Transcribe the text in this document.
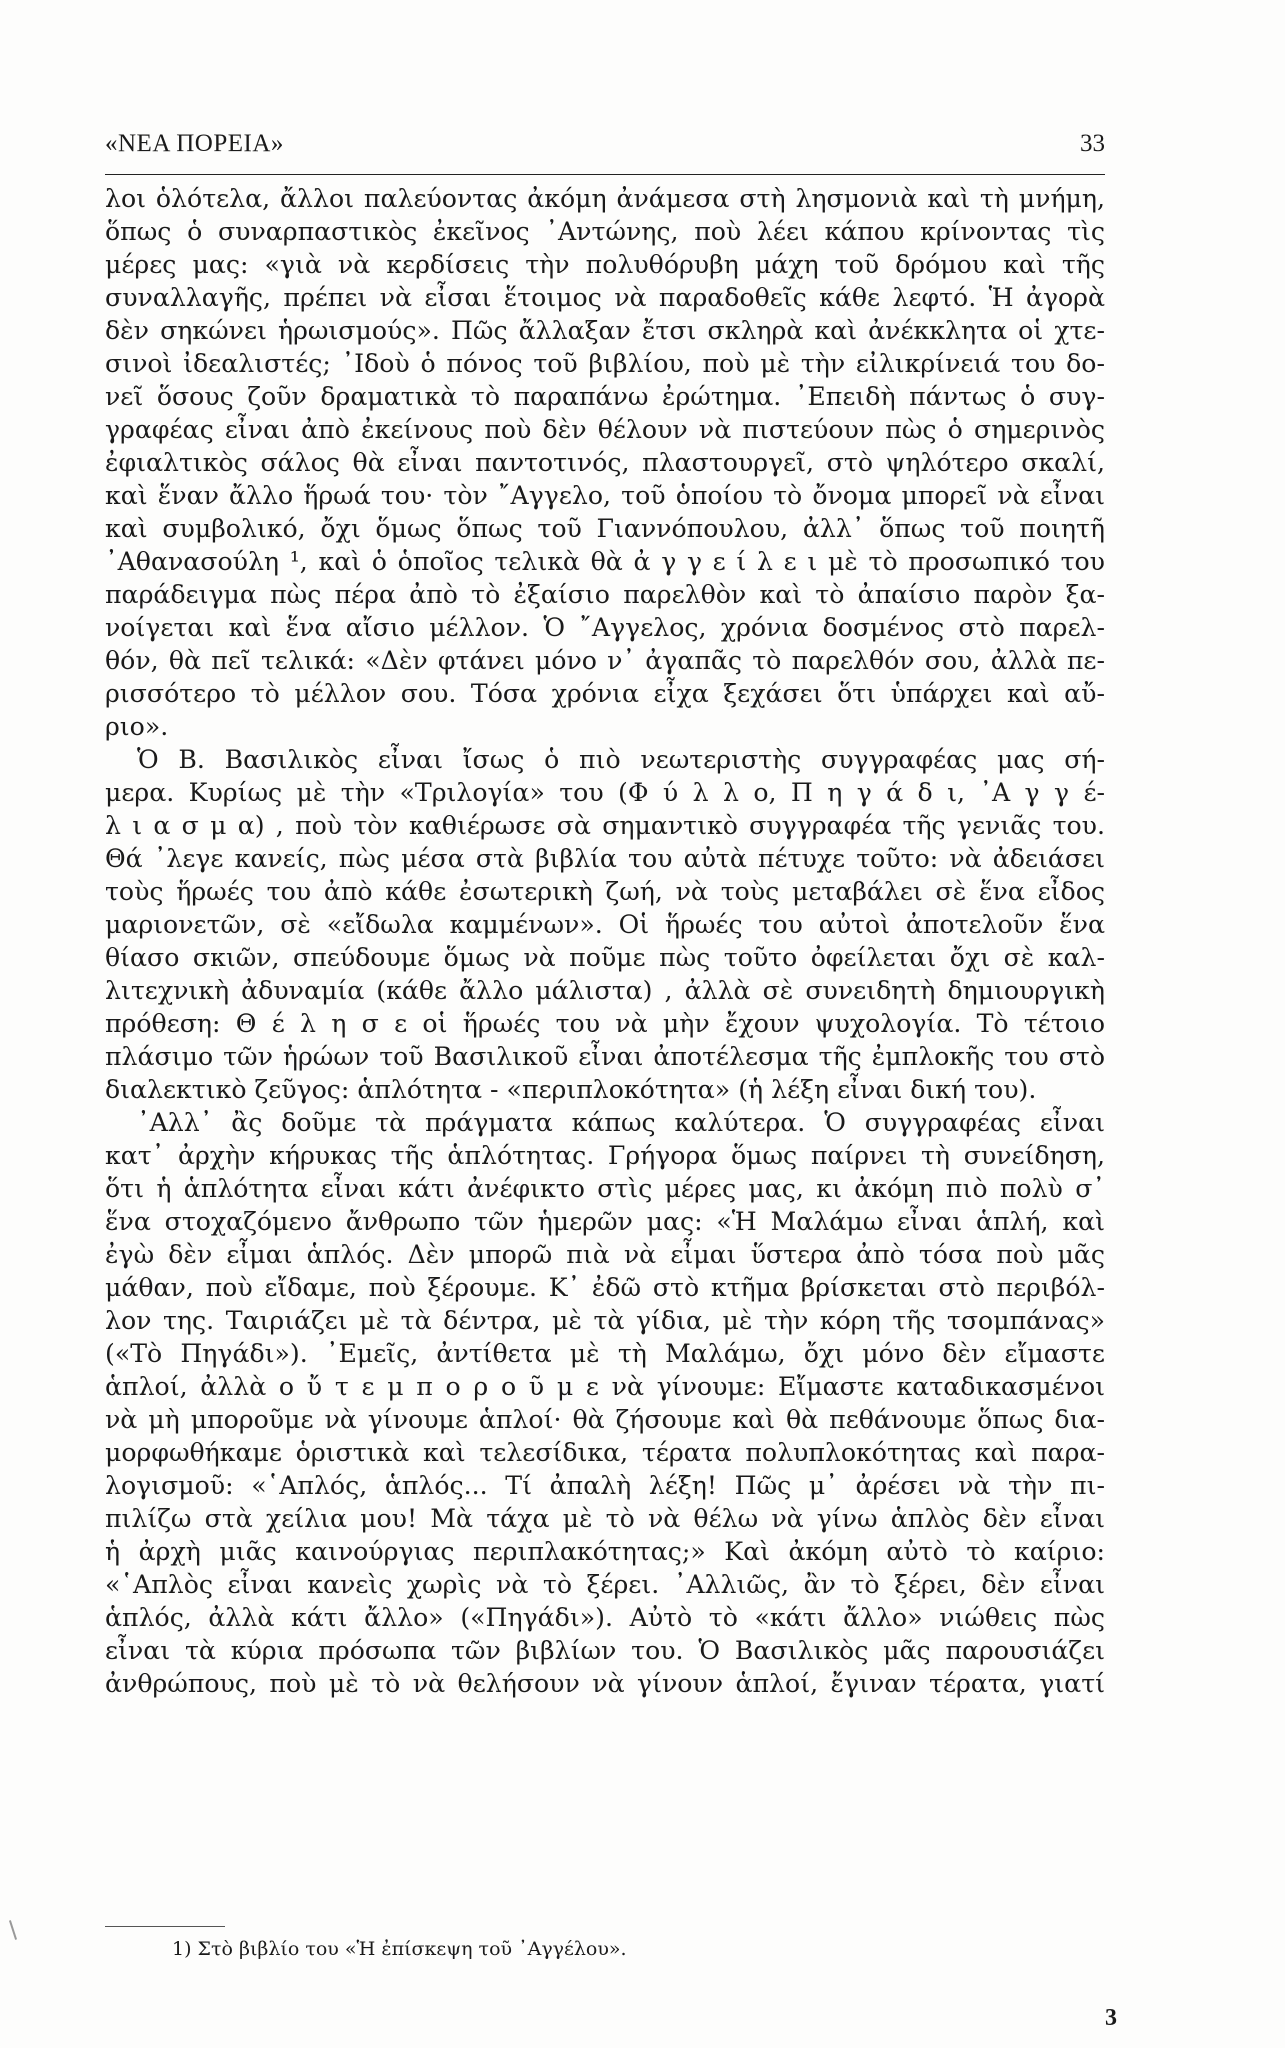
«ΝΕΑ ΠΟΡΕΙΑ»	33
λοι ὁλότελα, ἄλλοι παλεύοντας ἀκόμη ἀνάμεσα στὴ λησμονιὰ καὶ τὴ μνήμη,
ὅπως ὁ συναρπαστικὸς ἐκεῖνος ᾿Αντώνης, ποὺ λέει κάπου κρίνοντας τὶς
μέρες μας: «γιὰ νὰ κερδίσεις τὴν πολυθόρυβη μάχη τοῦ δρόμου καὶ τῆς
συναλλαγῆς, πρέπει νὰ εἶσαι ἕτοιμος νὰ παραδοθεῖς κάθε λεφτό. Ἡ ἀγορὰ
δὲν σηκώνει ἡρωισμούς». Πῶς ἄλλαξαν ἔτσι σκληρὰ καὶ ἀνέκκλητα οἱ χτε-
σινοὶ ἰδεαλιστές; ᾿Ιδοὺ ὁ πόνος τοῦ βιβλίου, ποὺ μὲ τὴν εἰλικρίνειά του δο-
νεῖ ὅσους ζοῦν δραματικὰ τὸ παραπάνω ἐρώτημα. ᾿Επειδὴ πάντως ὁ συγ-
γραφέας εἶναι ἀπὸ ἐκείνους ποὺ δὲν θέλουν νὰ πιστεύουν πὼς ὁ σημερινὸς
ἐφιαλτικὸς σάλος θὰ εἶναι παντοτινός, πλαστουργεῖ, στὸ ψηλότερο σκαλί,
καὶ ἕναν ἄλλο ἥρωά του· τὸν ῎Αγγελο, τοῦ ὁποίου τὸ ὄνομα μπορεῖ νὰ εἶναι
καὶ συμβολικό, ὄχι ὅμως ὅπως τοῦ Γιαννόπουλου, ἀλλ᾿ ὅπως τοῦ ποιητῆ
᾿Αθανασούλη ¹, καὶ ὁ ὁποῖος τελικὰ θὰ ἀ γ γ ε ί λ ε ι μὲ τὸ προσωπικό του
παράδειγμα πὼς πέρα ἀπὸ τὸ ἐξαίσιο παρελθὸν καὶ τὸ ἀπαίσιο παρὸν ξα-
νοίγεται καὶ ἕνα αἴσιο μέλλον. Ὁ ῎Αγγελος, χρόνια δοσμένος στὸ παρελ-
θόν, θὰ πεῖ τελικά: «Δὲν φτάνει μόνο ν᾿ ἀγαπᾶς τὸ παρελθόν σου, ἀλλὰ πε-
ρισσότερο τὸ μέλλον σου. Τόσα χρόνια εἶχα ξεχάσει ὅτι ὑπάρχει καὶ αὔ-
ριο».
Ὁ Β. Βασιλικὸς εἶναι ἴσως ὁ πιὸ νεωτεριστὴς συγγραφέας μας σή-
μερα. Κυρίως μὲ τὴν «Τριλογία» του (Φ ύ λ λ ο, Π η γ ά δ ι, ᾿Α γ γ έ-
λ ι α σ μ α) , ποὺ τὸν καθιέρωσε σὰ σημαντικὸ συγγραφέα τῆς γενιᾶς του.
Θά ᾿λεγε κανείς, πὼς μέσα στὰ βιβλία του αὐτὰ πέτυχε τοῦτο: νὰ ἀδειάσει
τοὺς ἥρωές του ἀπὸ κάθε ἐσωτερικὴ ζωή, νὰ τοὺς μεταβάλει σὲ ἕνα εἶδος
μαριονετῶν, σὲ «εἴδωλα καμμένων». Οἱ ἥρωές του αὐτοὶ ἀποτελοῦν ἕνα
θίασο σκιῶν, σπεύδουμε ὅμως νὰ ποῦμε πὼς τοῦτο ὀφείλεται ὄχι σὲ καλ-
λιτεχνικὴ ἀδυναμία (κάθε ἄλλο μάλιστα) , ἀλλὰ σὲ συνειδητὴ δημιουργικὴ
πρόθεση: Θ έ λ η σ ε οἱ ἥρωές του νὰ μὴν ἔχουν ψυχολογία. Τὸ τέτοιο
πλάσιμο τῶν ἡρώων τοῦ Βασιλικοῦ εἶναι ἀποτέλεσμα τῆς ἐμπλοκῆς του στὸ
διαλεκτικὸ ζεῦγος: ἁπλότητα - «περιπλοκότητα» (ἡ λέξη εἶναι δική του).
᾿Αλλ᾿ ἂς δοῦμε τὰ πράγματα κάπως καλύτερα. Ὁ συγγραφέας εἶναι
κατ᾿ ἀρχὴν κήρυκας τῆς ἁπλότητας. Γρήγορα ὅμως παίρνει τὴ συνείδηση,
ὅτι ἡ ἁπλότητα εἶναι κάτι ἀνέφικτο στὶς μέρες μας, κι ἀκόμη πιὸ πολὺ σ᾿
ἕνα στοχαζόμενο ἄνθρωπο τῶν ἡμερῶν μας: «Ἡ Μαλάμω εἶναι ἁπλή, καὶ
ἐγὼ δὲν εἶμαι ἁπλός. Δὲν μπορῶ πιὰ νὰ εἶμαι ὕστερα ἀπὸ τόσα ποὺ μᾶς
μάθαν, ποὺ εἴδαμε, ποὺ ξέρουμε. Κ᾿ ἐδῶ στὸ κτῆμα βρίσκεται στὸ περιβόλ-
λον της. Ταιριάζει μὲ τὰ δέντρα, μὲ τὰ γίδια, μὲ τὴν κόρη τῆς τσομπάνας»
(«Τὸ Πηγάδι»). ᾿Εμεῖς, ἀντίθετα μὲ τὴ Μαλάμω, ὄχι μόνο δὲν εἴμαστε
ἁπλοί, ἀλλὰ ο ὔ τ ε μ π ο ρ ο ῦ μ ε νὰ γίνουμε: Εἴμαστε καταδικασμένοι
νὰ μὴ μποροῦμε νὰ γίνουμε ἁπλοί· θὰ ζήσουμε καὶ θὰ πεθάνουμε ὅπως δια-
μορφωθήκαμε ὁριστικὰ καὶ τελεσίδικα, τέρατα πολυπλοκότητας καὶ παρα-
λογισμοῦ: «῾Απλός, ἁπλός... Τί ἀπαλὴ λέξη! Πῶς μ᾿ ἀρέσει νὰ τὴν πι-
πιλίζω στὰ χείλια μου! Μὰ τάχα μὲ τὸ νὰ θέλω νὰ γίνω ἁπλὸς δὲν εἶναι
ἡ ἀρχὴ μιᾶς καινούργιας περιπλακότητας;» Καὶ ἀκόμη αὐτὸ τὸ καίριο:
«῾Απλὸς εἶναι κανεὶς χωρὶς νὰ τὸ ξέρει. ᾿Αλλιῶς, ἂν τὸ ξέρει, δὲν εἶναι
ἁπλός, ἀλλὰ κάτι ἄλλο» («Πηγάδι»). Αὐτὸ τὸ «κάτι ἄλλο» νιώθεις πὼς
εἶναι τὰ κύρια πρόσωπα τῶν βιβλίων του. Ὁ Βασιλικὸς μᾶς παρουσιάζει
ἀνθρώπους, ποὺ μὲ τὸ νὰ θελήσουν νὰ γίνουν ἁπλοί, ἔγιναν τέρατα, γιατί
1) Στὸ βιβλίο του «Ἡ ἐπίσκεψη τοῦ ᾿Αγγέλου».
3
